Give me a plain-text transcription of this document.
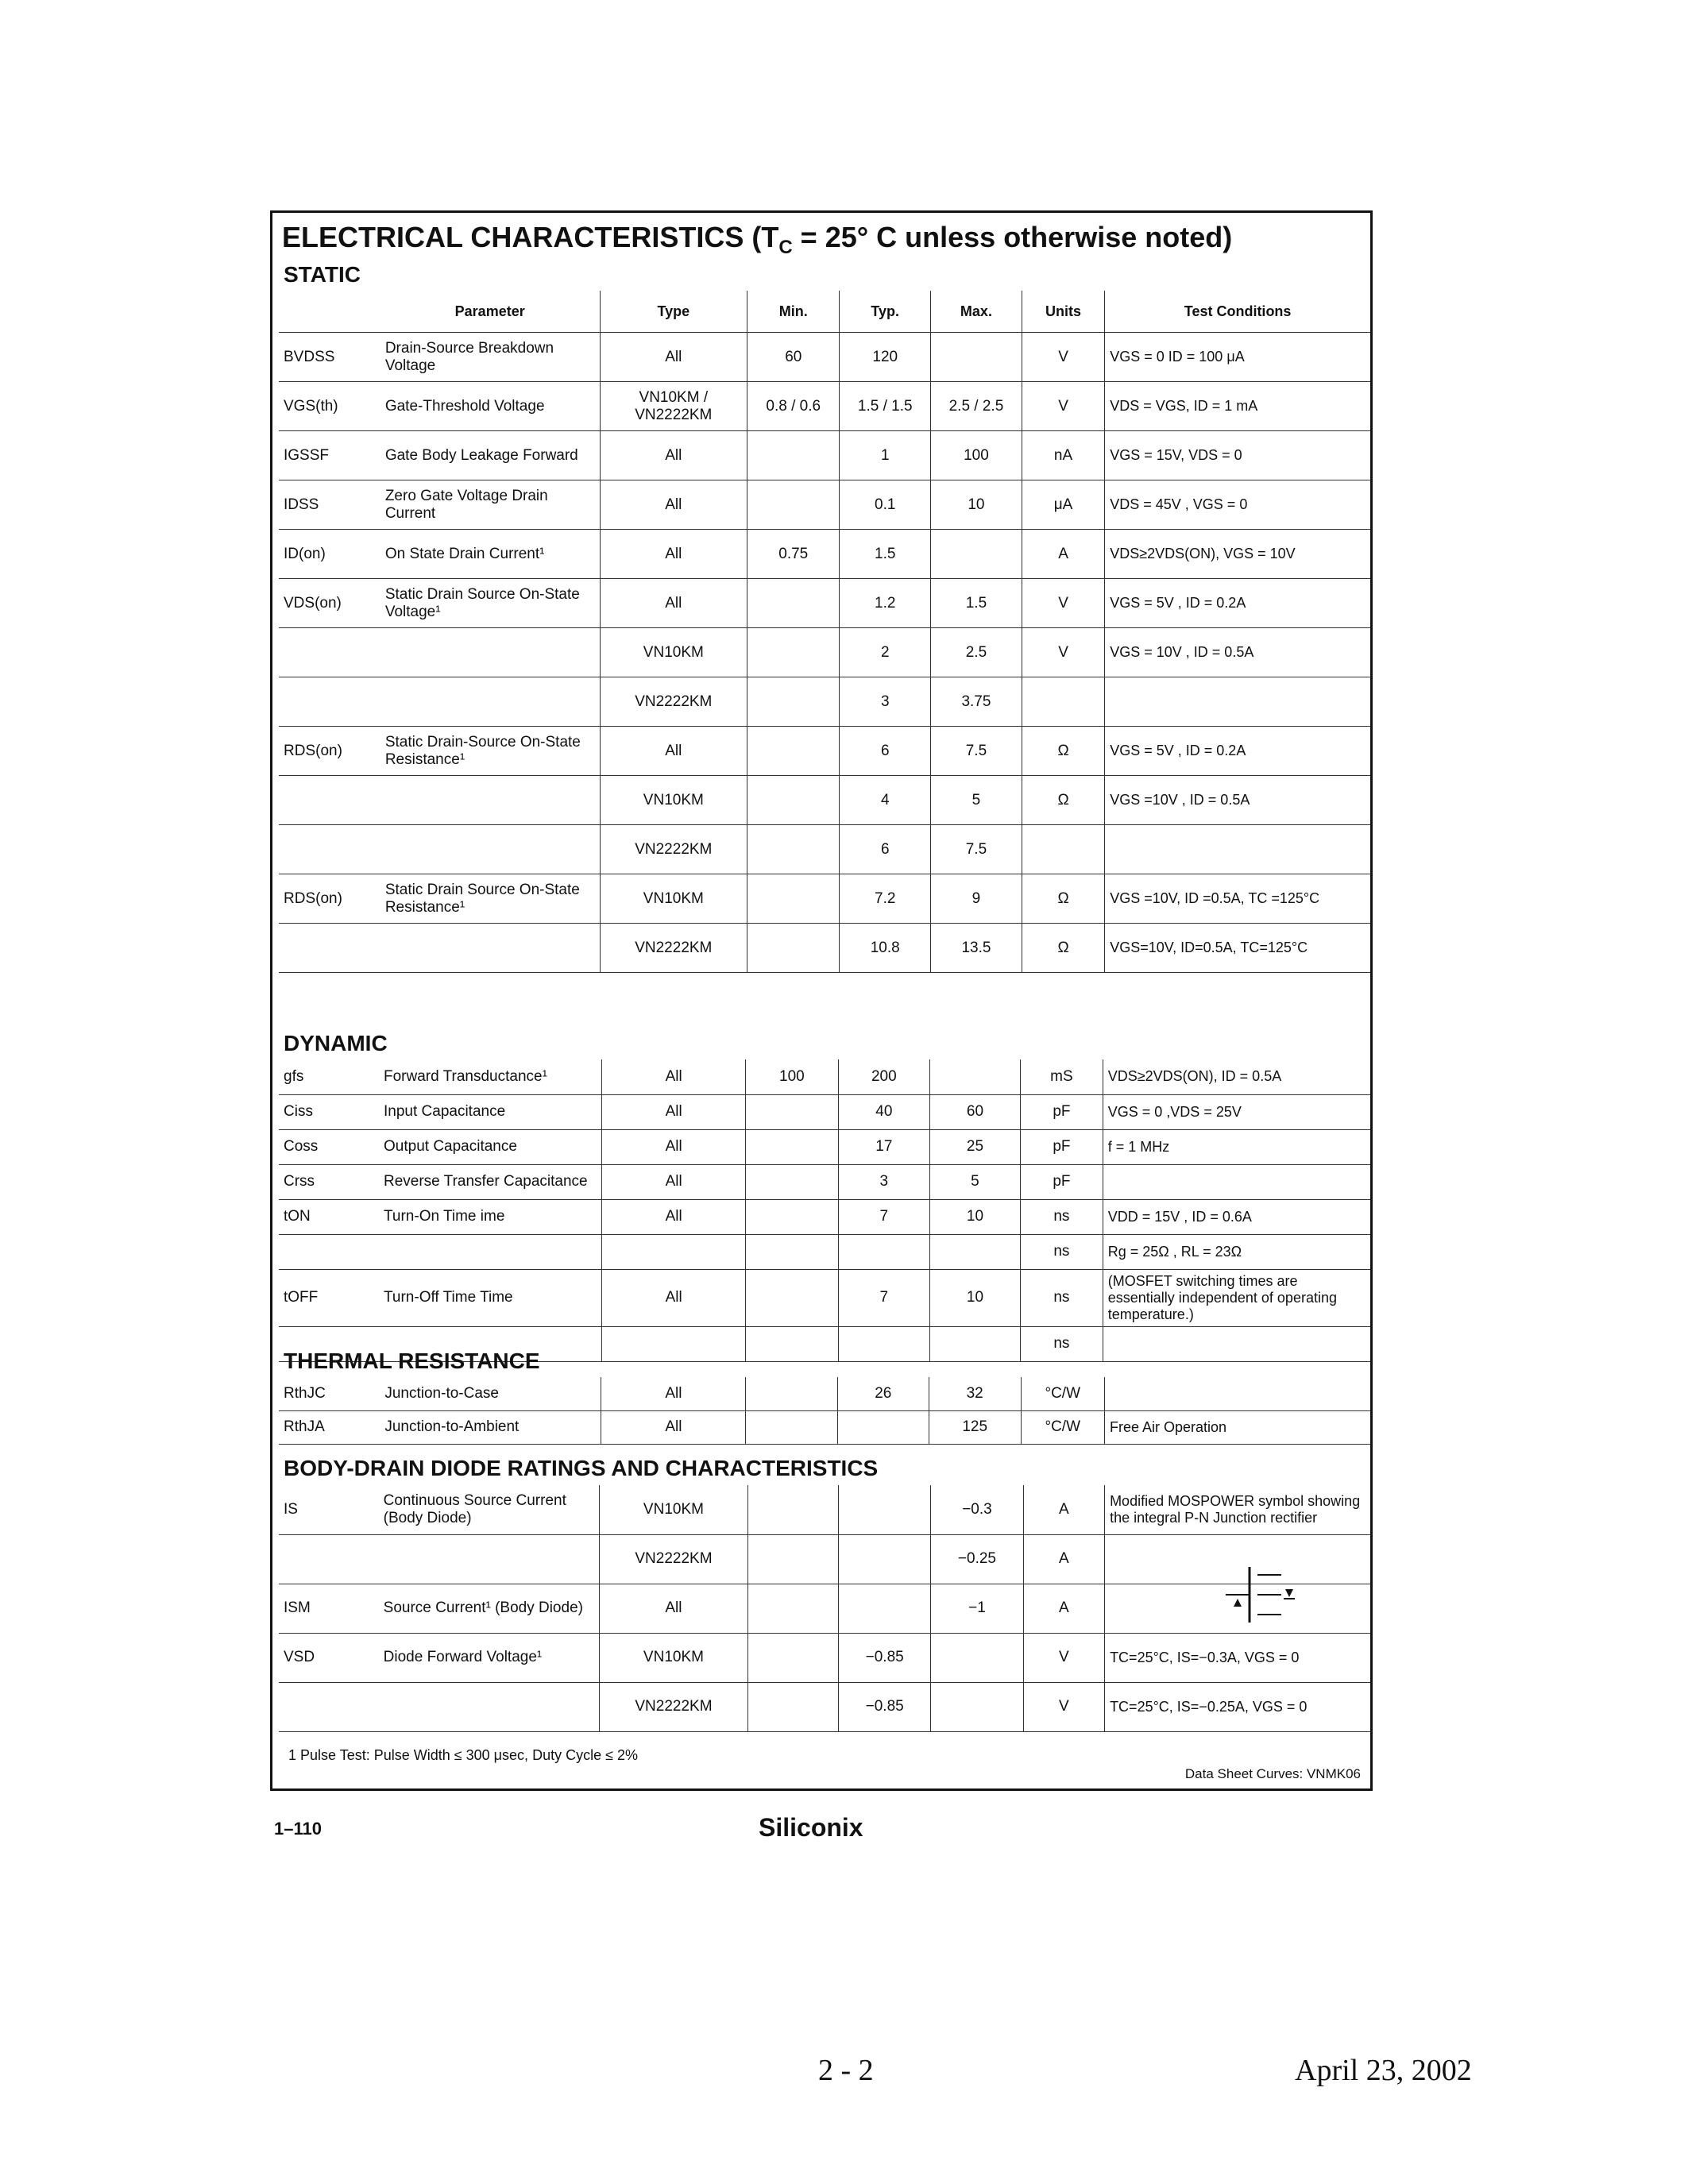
ELECTRICAL CHARACTERISTICS ($T_C = 25^\circ$ C unless otherwise noted)
STATIC
	Parameter	Type	Min.	Typ.	Max.	Units	Test Conditions
BVDSS	Drain-Source Breakdown Voltage	All	60	120		V	VGS = 0 ID = 100 μA
VGS(th)	Gate-Threshold Voltage	VN10KM / VN2222KM	0.8 / 0.6	1.5 / 1.5	2.5 / 2.5	V	VDS = VGS, ID = 1 mA
IGSSF	Gate Body Leakage Forward	All		1	100	nA	VGS = 15V, VDS = 0
IDSS	Zero Gate Voltage Drain Current	All		0.1	10	μA	VDS = 45V , VGS = 0
ID(on)	On State Drain Current¹	All	0.75	1.5		A	VDS≥2VDS(ON), VGS = 10V
VDS(on)	Static Drain Source On-State Voltage¹	All		1.2	1.5	V	VGS = 5V , ID = 0.2A
		VN10KM		2	2.5	V	VGS = 10V , ID = 0.5A
		VN2222KM		3	3.75		
RDS(on)	Static Drain-Source On-State Resistance¹	All		6	7.5	Ω	VGS = 5V , ID = 0.2A
		VN10KM		4	5	Ω	VGS =10V , ID = 0.5A
		VN2222KM		6	7.5		
RDS(on)	Static Drain Source On-State Resistance¹	VN10KM		7.2	9	Ω	VGS =10V, ID =0.5A, TC =125°C
		VN2222KM		10.8	13.5	Ω	VGS=10V, ID=0.5A, TC=125°C
DYNAMIC
gfs	Forward Transductance¹	All	100	200		mS	VDS≥2VDS(ON), ID = 0.5A
Ciss	Input Capacitance	All		40	60	pF	VGS = 0 ,VDS = 25V
Coss	Output Capacitance	All		17	25	pF	f = 1 MHz
Crss	Reverse Transfer Capacitance	All		3	5	pF	
tON	Turn-On Time ime	All		7	10	ns	VDD = 15V , ID = 0.6A
						ns	Rg = 25Ω , RL = 23Ω
tOFF	Turn-Off Time Time	All		7	10	ns	(MOSFET switching times are essentially independent of operating temperature.)
						ns	
THERMAL RESISTANCE
RthJC	Junction-to-Case	All		26	32	°C/W	
RthJA	Junction-to-Ambient	All			125	°C/W	Free Air Operation
BODY-DRAIN DIODE RATINGS AND CHARACTERISTICS
IS	Continuous Source Current (Body Diode)	VN10KM			−0.3	A	Modified MOSPOWER symbol showing the integral P-N Junction rectifier
		VN2222KM			−0.25	A	
ISM	Source Current¹ (Body Diode)	All			−1	A	
VSD	Diode Forward Voltage¹	VN10KM		−0.85		V	TC=25°C, IS=−0.3A, VGS = 0
		VN2222KM		−0.85		V	TC=25°C, IS=−0.25A, VGS = 0
1 Pulse Test: Pulse Width ≤ 300 μsec, Duty Cycle ≤ 2%
Data Sheet Curves: VNMK06
1–110	Siliconix
2 - 2	April 23, 2002
